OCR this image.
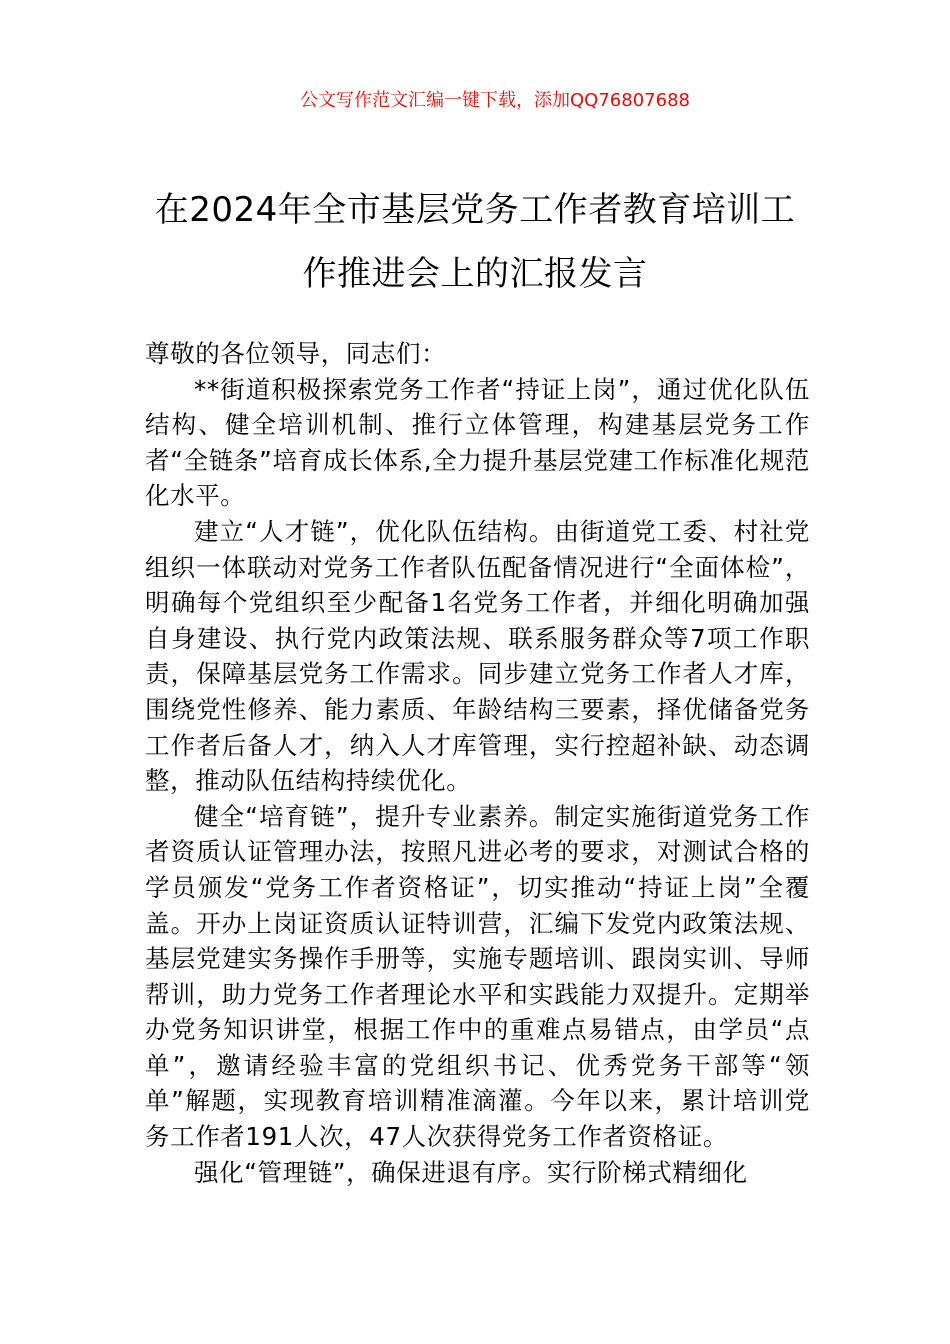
公文写作范文汇编一键下载，添加QQ76807688
在2024年全市基层党务工作者教育培训工作推进会上的汇报发言

尊敬的各位领导，同志们：

**街道积极探索党务工作者“持证上岗”，通过优化队伍结构、健全培训机制、推行立体管理，构建基层党务工作者“全链条”培育成长体系,全力提升基层党建工作标准化规范化水平。

建立“人才链”，优化队伍结构。由街道党工委、村社党组织一体联动对党务工作者队伍配备情况进行“全面体检”，明确每个党组织至少配备1名党务工作者，并细化明确加强自身建设、执行党内政策法规、联系服务群众等7项工作职责，保障基层党务工作需求。同步建立党务工作者人才库，围绕党性修养、能力素质、年龄结构三要素，择优储备党务工作者后备人才，纳入人才库管理，实行控超补缺、动态调整，推动队伍结构持续优化。

健全“培育链”，提升专业素养。制定实施街道党务工作者资质认证管理办法，按照凡进必考的要求，对测试合格的学员颁发“党务工作者资格证”，切实推动“持证上岗”全覆盖。开办上岗证资质认证特训营，汇编下发党内政策法规、基层党建实务操作手册等，实施专题培训、跟岗实训、导师帮训，助力党务工作者理论水平和实践能力双提升。定期举办党务知识讲堂，根据工作中的重难点易错点，由学员“点单”，邀请经验丰富的党组织书记、优秀党务干部等“领单”解题，实现教育培训精准滴灌。今年以来，累计培训党务工作者191人次，47人次获得党务工作者资格证。

强化“管理链”，确保进退有序。实行阶梯式精细化
